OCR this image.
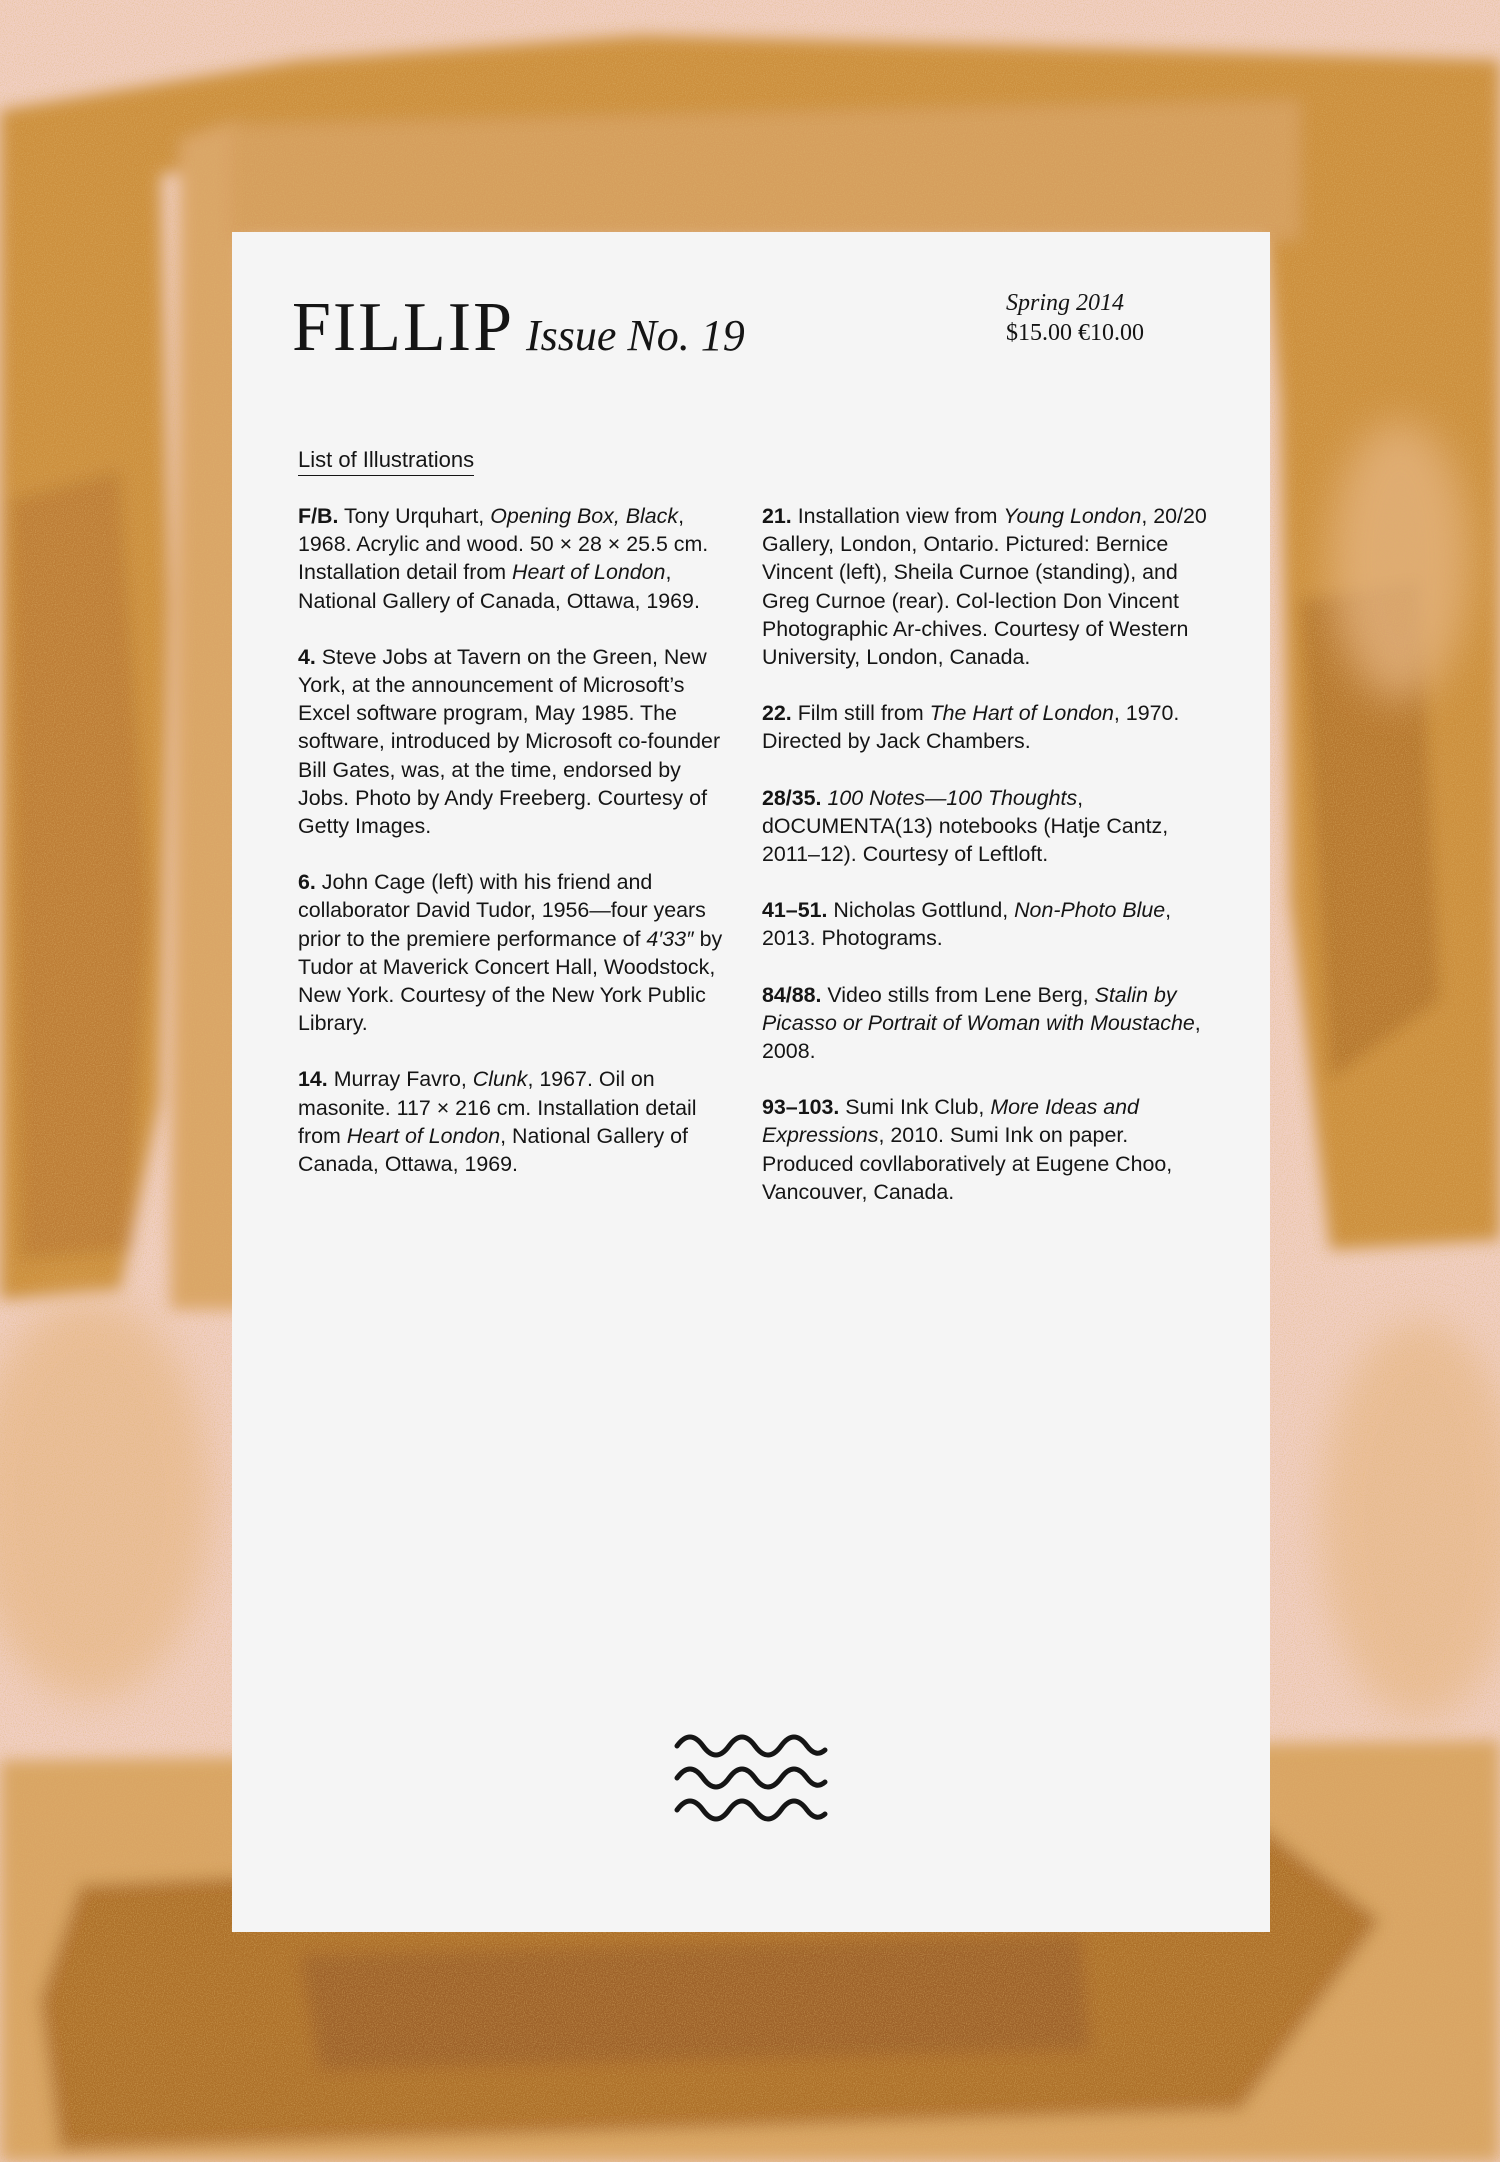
FILLIP Issue No. 19
Spring 2014
$15.00 €10.00
List of Illustrations

F/B. Tony Urquhart, Opening Box, Black, 1968. Acrylic and wood. 50 × 28 × 25.5 cm. Installation detail from Heart of London, National Gallery of Canada, Ottawa, 1969.

4. Steve Jobs at Tavern on the Green, New York, at the announcement of Microsoft’s Excel software program, May 1985. The software, introduced by Microsoft co-founder Bill Gates, was, at the time, endorsed by Jobs. Photo by Andy Freeberg. Courtesy of Getty Images.

6. John Cage (left) with his friend and collaborator David Tudor, 1956—four years prior to the premiere performance of 4′33″ by Tudor at Maverick Concert Hall, Woodstock, New York. Courtesy of the New York Public Library.

14. Murray Favro, Clunk, 1967. Oil on masonite. 117 × 216 cm. Installation detail from Heart of London, National Gallery of Canada, Ottawa, 1969.

21. Installation view from Young London, 20/20 Gallery, London, Ontario. Pictured: Bernice Vincent (left), Sheila Curnoe (standing), and Greg Curnoe (rear). Col-lection Don Vincent Photographic Ar-chives. Courtesy of Western University, London, Canada.

22. Film still from The Hart of London, 1970. Directed by Jack Chambers.

28/35. 100 Notes—100 Thoughts, dOCUMENTA(13) notebooks (Hatje Cantz, 2011–12). Courtesy of Leftloft.

41–51. Nicholas Gottlund, Non-Photo Blue, 2013. Photograms.

84/88. Video stills from Lene Berg, Stalin by Picasso or Portrait of Woman with Moustache, 2008.

93–103. Sumi Ink Club, More Ideas and Expressions, 2010. Sumi Ink on paper. Produced covllaboratively at Eugene Choo, Vancouver, Canada.
